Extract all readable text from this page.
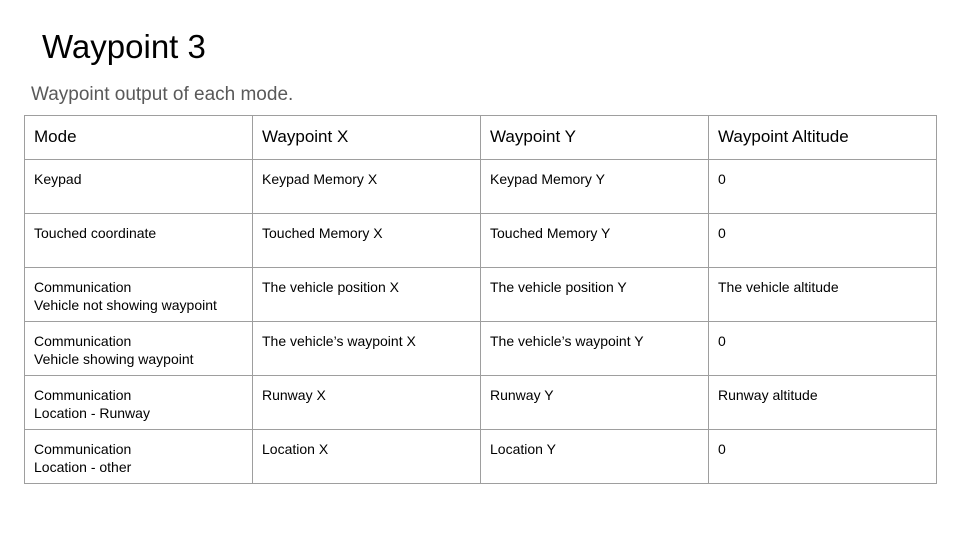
Waypoint 3
Waypoint output of each mode.
Mode	Waypoint X	Waypoint Y	Waypoint Altitude

Keypad	Keypad Memory X	Keypad Memory Y	0

Touched coordinate	Touched Memory X	Touched Memory Y	0

Communication
Vehicle not showing waypoint	The vehicle position X	The vehicle position Y	The vehicle altitude

Communication
Vehicle showing waypoint	The vehicle’s waypoint X	The vehicle’s waypoint Y	0

Communication
Location - Runway	Runway X	Runway Y	Runway altitude

Communication
Location - other	Location X	Location Y	0
